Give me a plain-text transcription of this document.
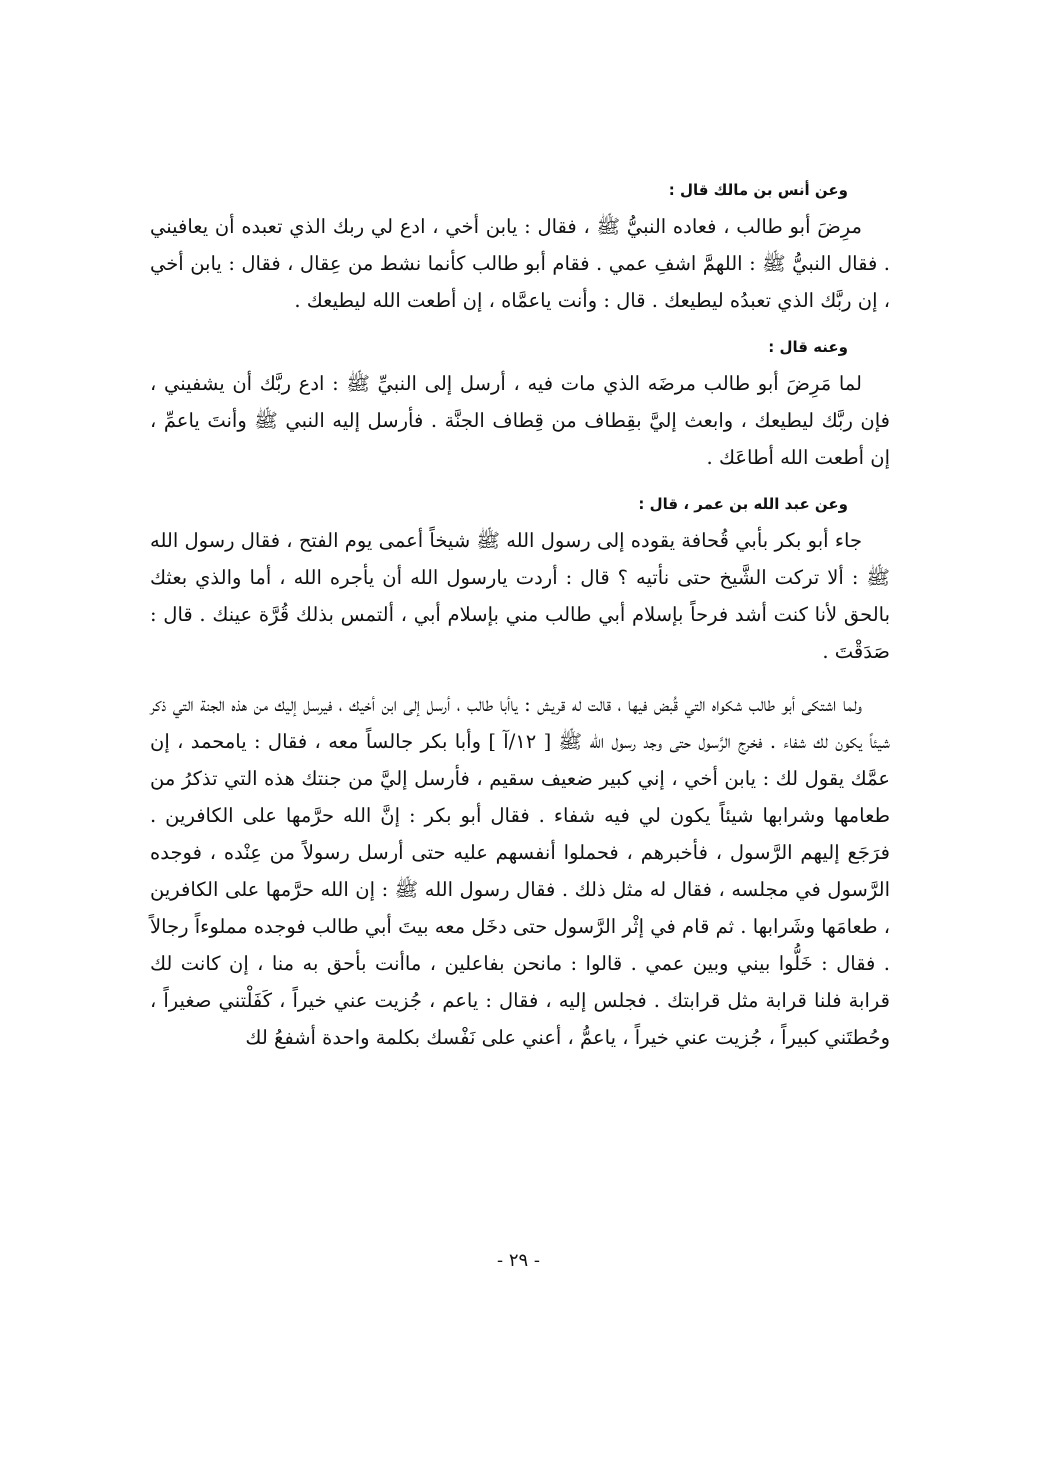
وعن أنس بن مالك قال :

مرِضَ أبو طالب ، فعاده النبيُّ ﷺ ، فقال : يابن أخي ، ادع لي ربك الذي تعبده أن يعافيني . فقال النبيُّ ﷺ : اللهمَّ اشفِ عمي . فقام أبو طالب كأنما نشط من عِقال ، فقال : يابن أخي ، إن ربَّك الذي تعبدُه ليطيعك . قال : وأنت ياعمَّاه ، إن أطعت الله ليطيعك .

وعنه قال :

لما مَرِضَ أبو طالب مرضَه الذي مات فيه ، أرسل إلى النبيِّ ﷺ : ادع ربَّك أن يشفيني ، فإن ربَّك ليطيعك ، وابعث إليَّ بقِطاف من قِطاف الجنَّة . فأرسل إليه النبي ﷺ وأنتَ ياعمِّ ، إن أطعت الله أطاعَك .

وعن عبد الله بن عمر ، قال :

جاء أبو بكر بأبي قُحافة يقوده إلى رسول الله ﷺ شيخاً أعمى يوم الفتح ، فقال رسول الله ﷺ : ألا تركت الشَّيخ حتى نأتيه ؟ قال : أردت يارسول الله أن يأجره الله ، أما والذي بعثك بالحق لأنا كنت أشد فرحاً بإسلام أبي طالب مني بإسلام أبي ، ألتمس بذلك قُرَّة عينك . قال : صَدَقْتَ .

ولما اشتكى أبو طالب شكواه التي قُبض فيها ، قالت له قريش : ياأبا طالب ، أرسل إلى ابن أخيك ، فيرسل إليك من هذه الجنة التي ذكر شيئاً يكون لك شفاء . فخرج الرَّسول حتى وجد رسول الله ﷺ [ ١٢/آ ] وأبا بكر جالساً معه ، فقال : يامحمد ، إن عمَّك يقول لك : يابن أخي ، إني كبير ضعيف سقيم ، فأرسل إليَّ من جنتك هذه التي تذكرُ من طعامها وشرابها شيئاً يكون لي فيه شفاء . فقال أبو بكر : إنَّ الله حرَّمها على الكافرين . فرَجَع إليهم الرَّسول ، فأخبرهم ، فحملوا أنفسهم عليه حتى أرسل رسولاً من عِنْده ، فوجده الرَّسول في مجلسه ، فقال له مثل ذلك . فقال رسول الله ﷺ : إن الله حرَّمها على الكافرين ، طعامَها وشَرابها . ثم قام في إثْر الرَّسول حتى دخَل معه بيتَ أبي طالب فوجده مملوءاً رجالاً . فقال : خَلُّوا بيني وبين عمي . قالوا : مانحن بفاعلين ، ماأنت بأحق به منا ، إن كانت لك قرابة فلنا قرابة مثل قرابتك . فجلس إليه ، فقال : ياعم ، جُزيت عني خيراً ، كَفَلْتني صغيراً ، وحُطتَني كبيراً ، جُزيت عني خيراً ، ياعمُّ ، أعني على نَفْسك بكلمة واحدة أشفعُ لك

- ٢٩ -
